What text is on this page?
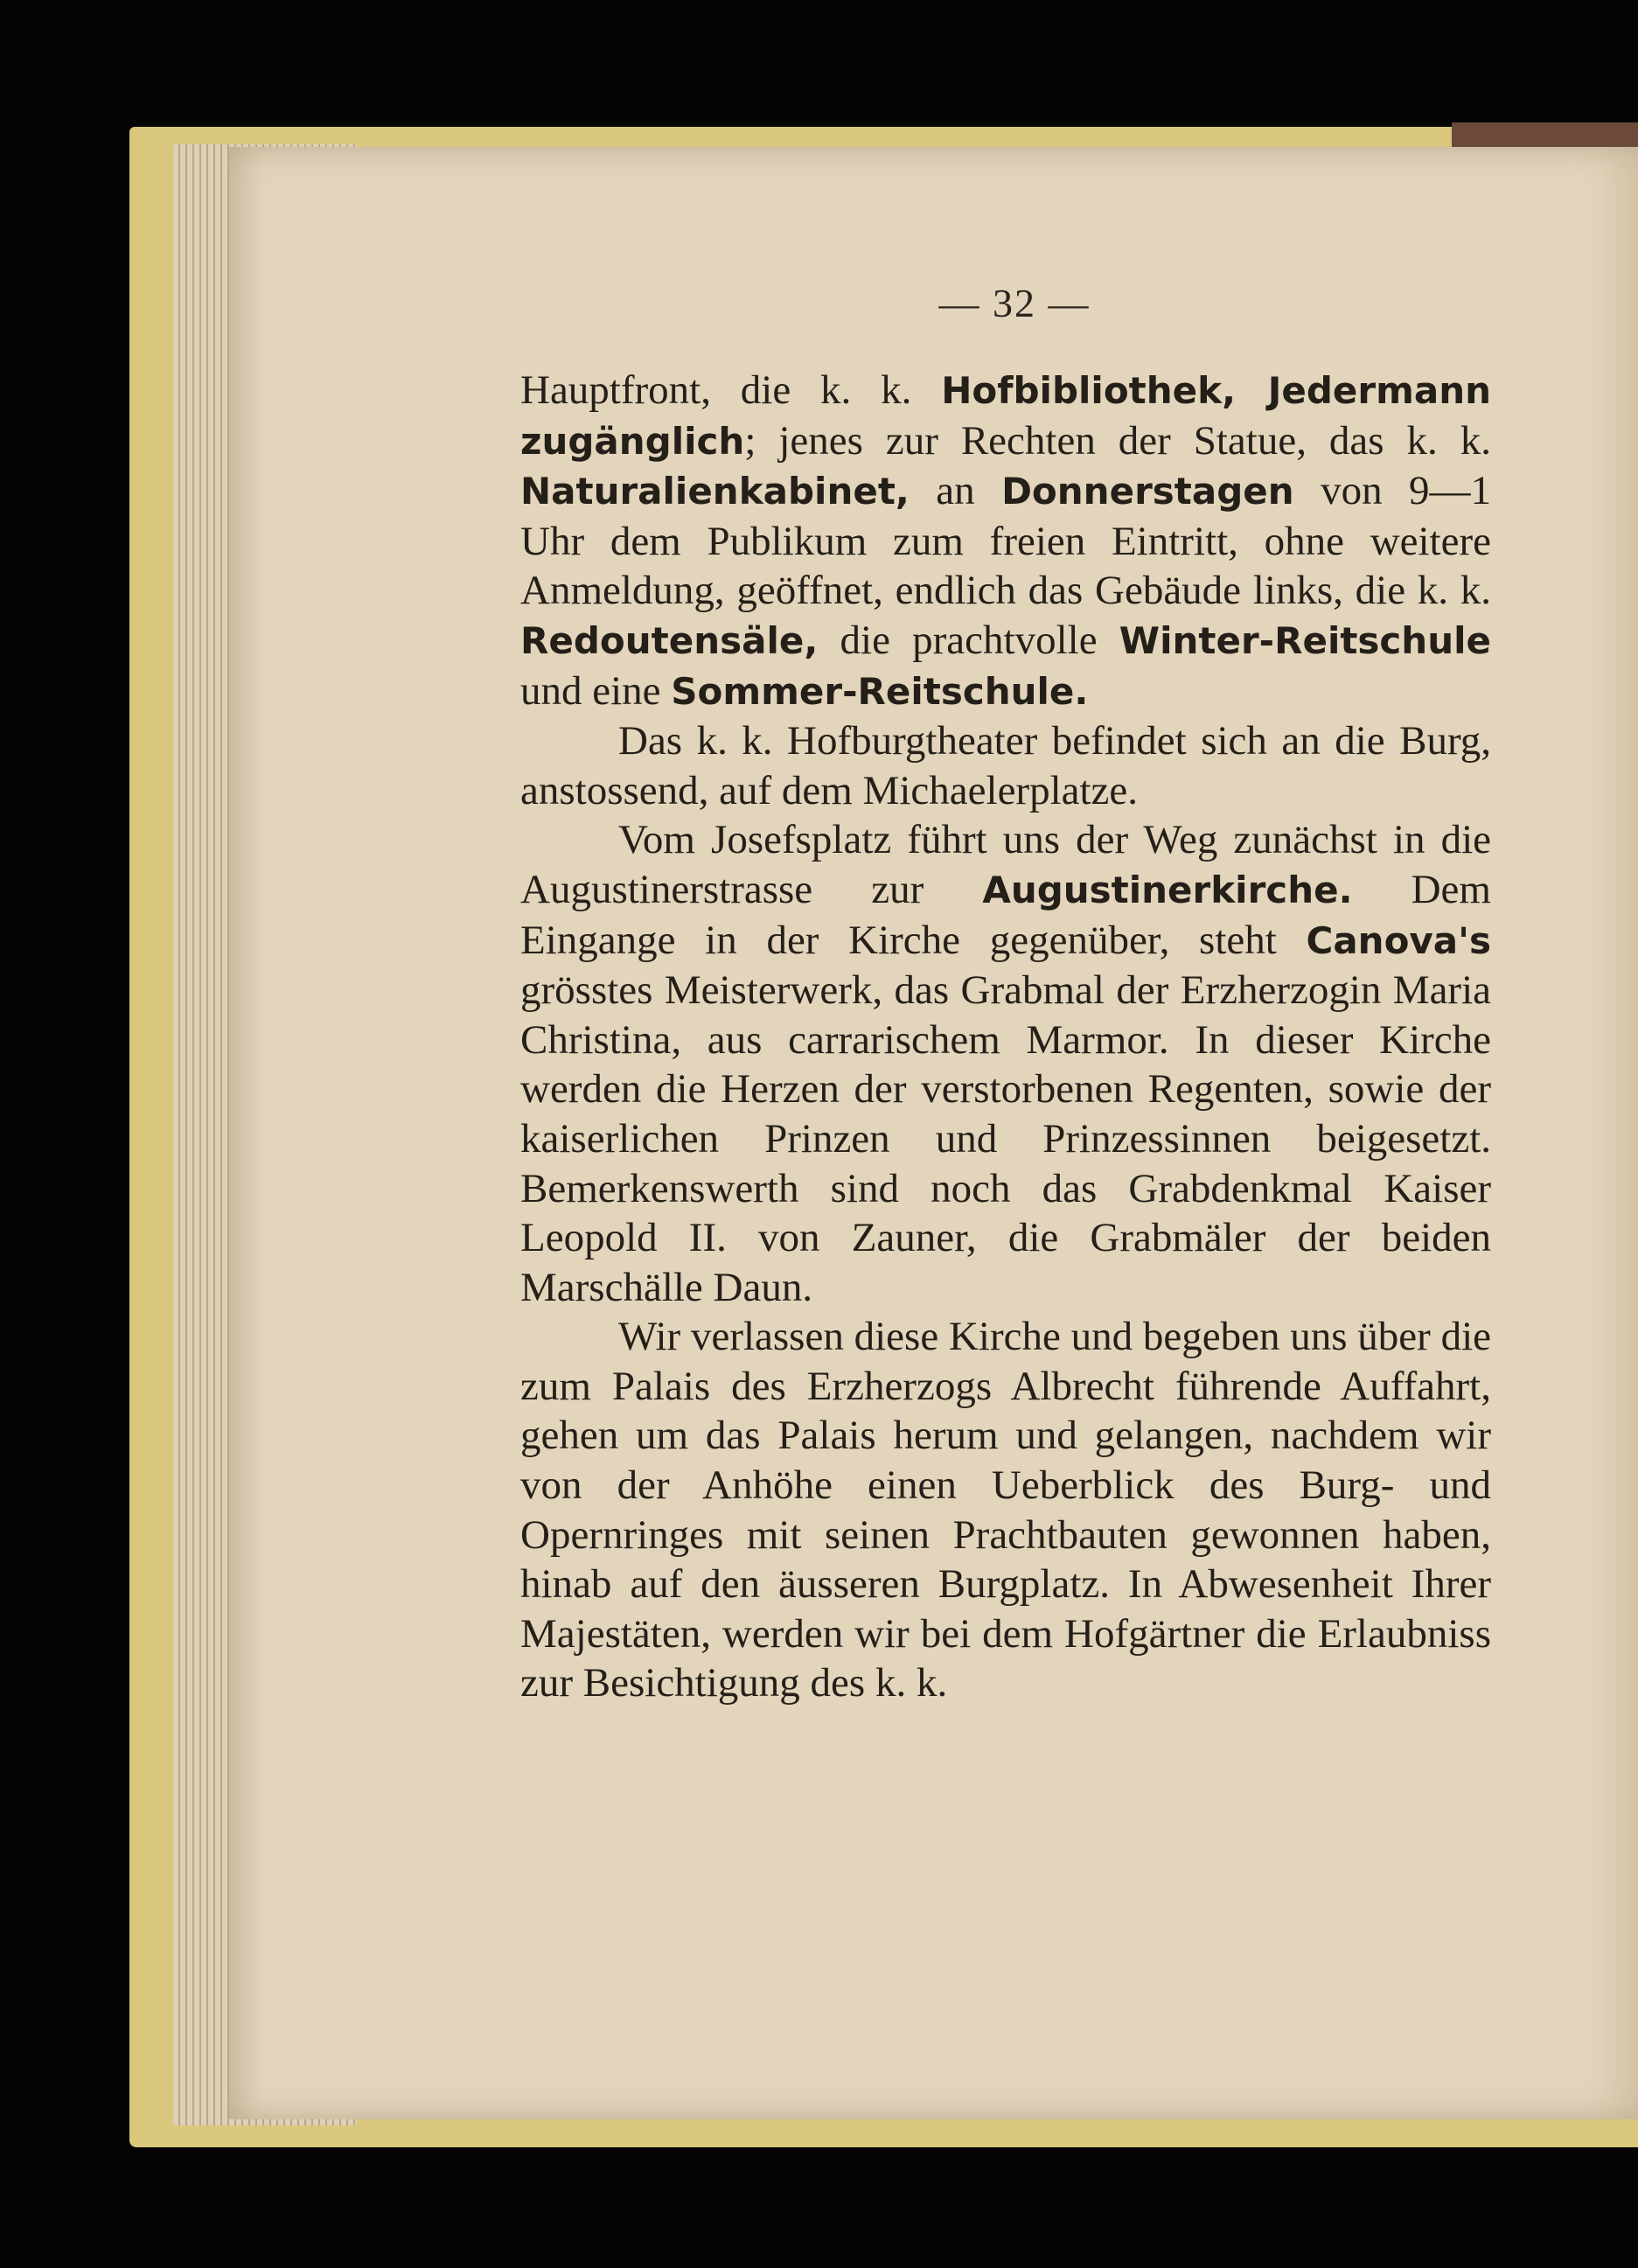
— 32 —

Hauptfront, die k. k. Hofbibliothek, Jedermann zugänglich; jenes zur Rechten der Statue, das k. k. Naturalienkabinet, an Donnerstagen von 9—1 Uhr dem Publikum zum freien Eintritt, ohne weitere Anmeldung, geöffnet, endlich das Gebäude links, die k. k. Redoutensäle, die prachtvolle Winter-Reitschule und eine Sommer-Reitschule.

Das k. k. Hofburgtheater befindet sich an die Burg, anstossend, auf dem Michaelerplatze.

Vom Josefsplatz führt uns der Weg zunächst in die Augustinerstrasse zur Augustinerkirche. Dem Eingange in der Kirche gegenüber, steht Canova's grösstes Meisterwerk, das Grabmal der Erzherzogin Maria Christina, aus carrarischem Marmor. In dieser Kirche werden die Herzen der verstorbenen Regenten, sowie der kaiserlichen Prinzen und Prinzessinnen beigesetzt. Bemerkenswerth sind noch das Grabdenkmal Kaiser Leopold II. von Zauner, die Grabmäler der beiden Marschälle Daun.

Wir verlassen diese Kirche und begeben uns über die zum Palais des Erzherzogs Albrecht führende Auffahrt, gehen um das Palais herum und gelangen, nachdem wir von der Anhöhe einen Ueberblick des Burg- und Opernringes mit seinen Prachtbauten gewonnen haben, hinab auf den äusseren Burgplatz. In Abwesenheit Ihrer Majestäten, werden wir bei dem Hofgärtner die Erlaubniss zur Besichtigung des k. k.
